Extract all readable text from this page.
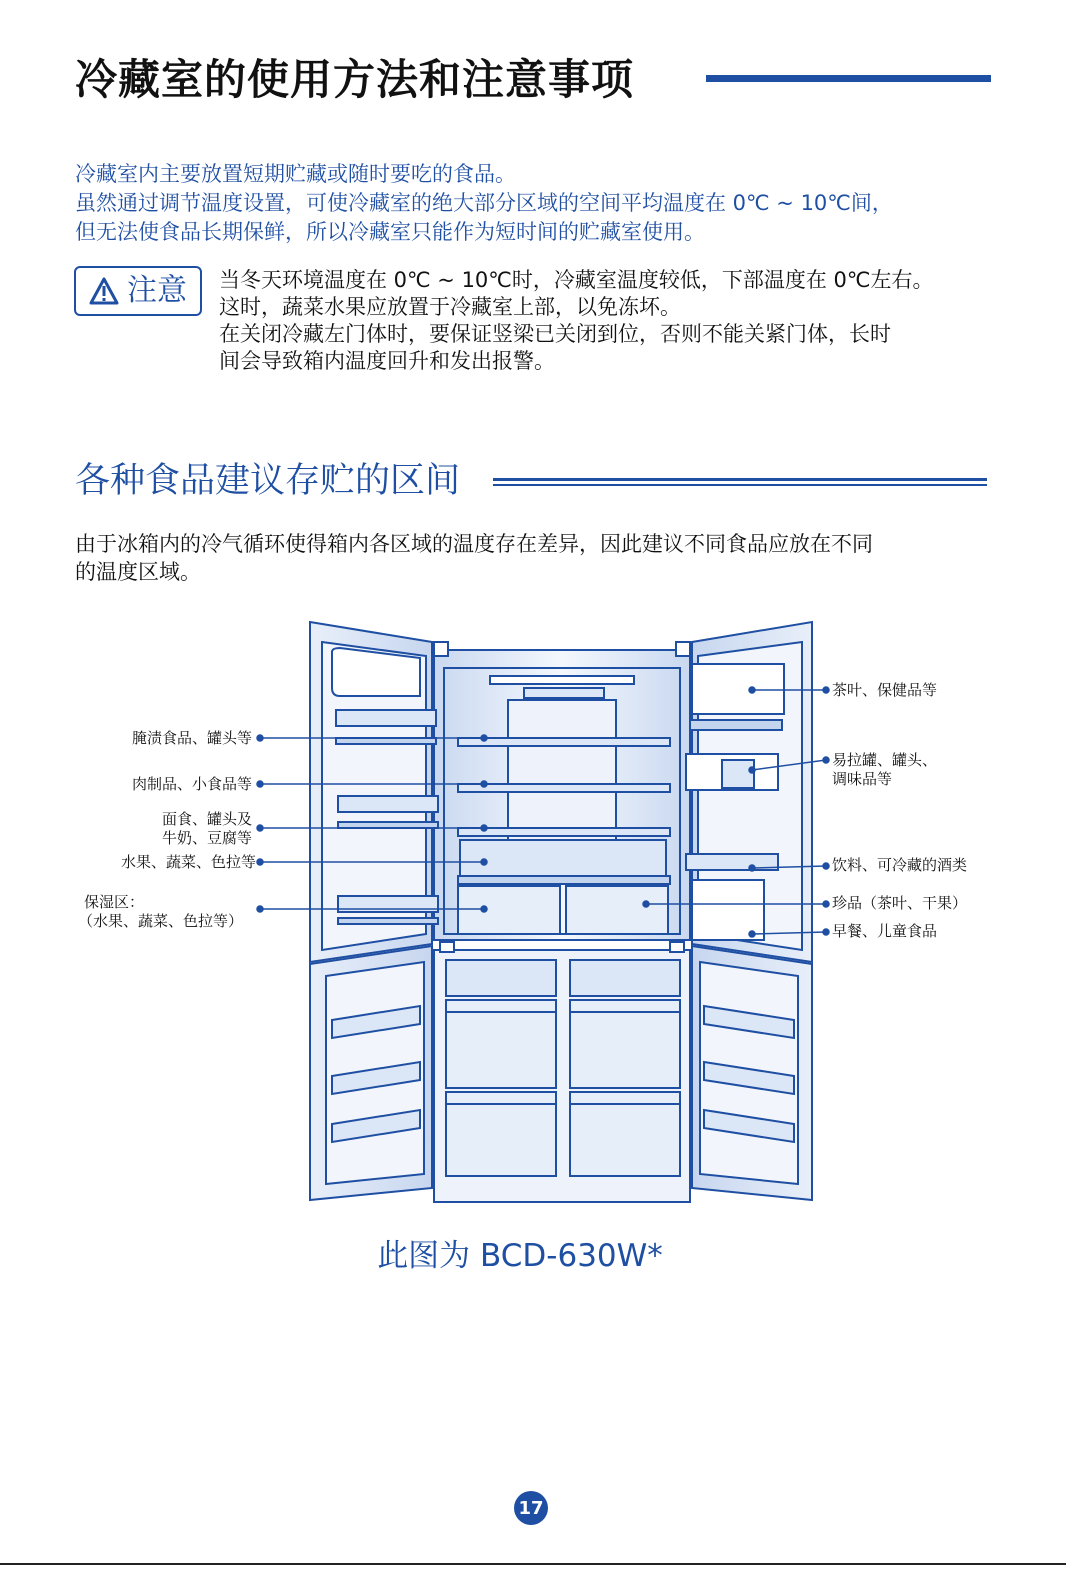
冷藏室的使用方法和注意事项
冷藏室内主要放置短期贮藏或随时要吃的食品。
虽然通过调节温度设置，可使冷藏室的绝大部分区域的空间平均温度在 0℃ ~ 10℃间，
但无法使食品长期保鲜，所以冷藏室只能作为短时间的贮藏室使用。
注意 当冬天环境温度在 0℃ ~ 10℃时，冷藏室温度较低，下部温度在 0℃左右。
这时，蔬菜水果应放置于冷藏室上部，以免冻坏。
在关闭冷藏左门体时，要保证竖梁已关闭到位，否则不能关紧门体，长时
间会导致箱内温度回升和发出报警。
各种食品建议存贮的区间
由于冰箱内的冷气循环使得箱内各区域的温度存在差异，因此建议不同食品应放在不同
的温度区域。
腌渍食品、罐头等
肉制品、小食品等
面食、罐头及
牛奶、豆腐等
水果、蔬菜、色拉等
保湿区：
（水果、蔬菜、色拉等）
茶叶、保健品等
易拉罐、罐头、
调味品等
饮料、可冷藏的酒类
珍品（茶叶、干果）
早餐、儿童食品
此图为 BCD-630W*
17
